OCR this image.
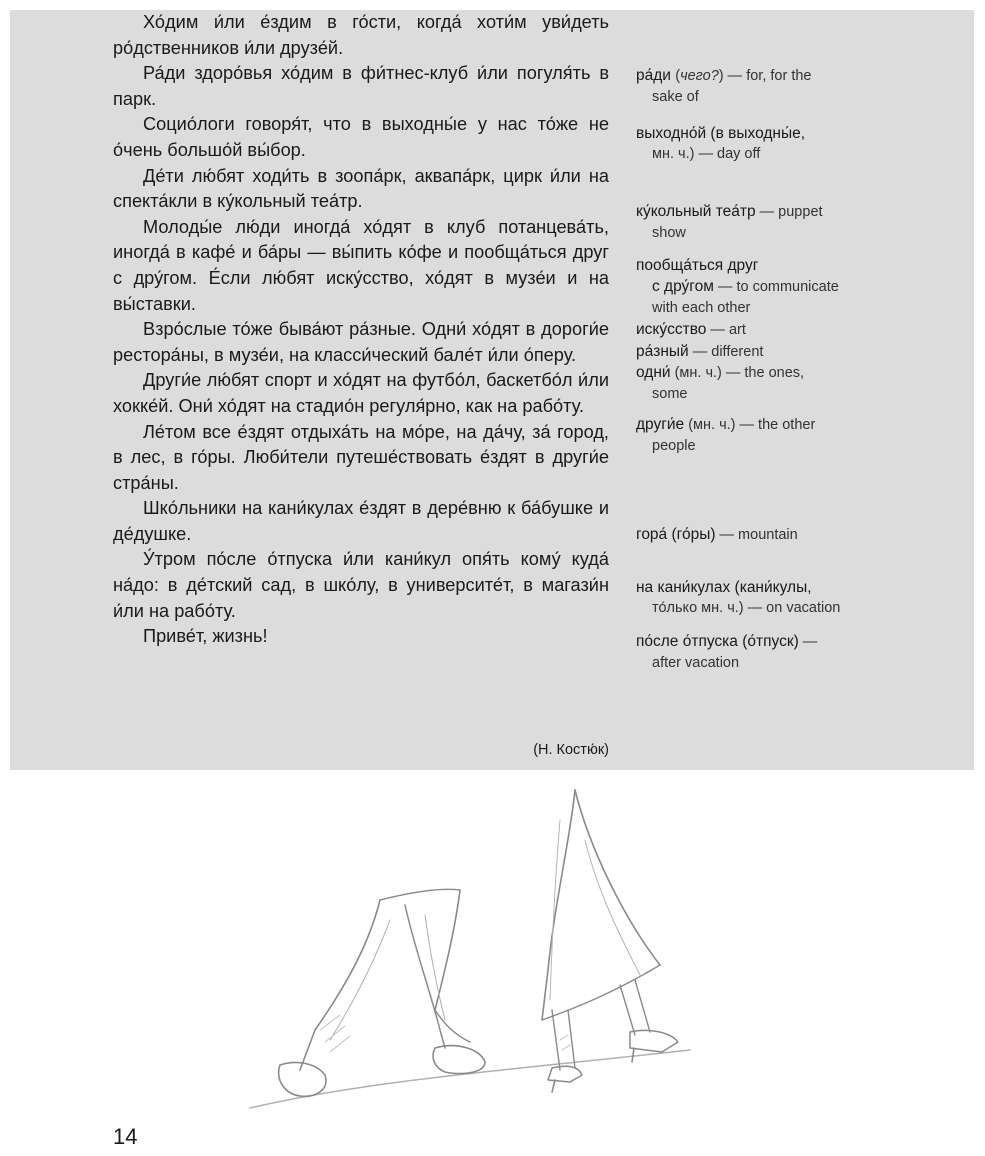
Хо́дим и́ли е́здим в го́сти, когда́ хоти́м уви́деть ро́дственников и́ли друзе́й.

Ра́ди здоро́вья хо́дим в фи́тнес-клуб и́ли погуля́ть в парк.

Социо́логи говоря́т, что в выходны́е у нас то́же не о́чень большо́й вы́бор.

Де́ти лю́бят ходи́ть в зоопа́рк, аквапа́рк, цирк и́ли на спекта́кли в ку́кольный теа́тр.

Молоды́е лю́ди иногда́ хо́дят в клуб потанцева́ть, иногда́ в кафе́ и ба́ры — вы́пить ко́фе и пообща́ться друг с дру́гом. Е́сли лю́бят иску́сство, хо́дят в музе́и и на вы́ставки.

Взро́слые то́же быва́ют ра́зные. Одни́ хо́дят в дороги́е рестора́ны, в музе́и, на класси́ческий бале́т и́ли о́перу.

Други́е лю́бят спорт и хо́дят на футбо́л, баскетбо́л и́ли хокке́й. Они́ хо́дят на стадио́н регуля́рно, как на рабо́ту.

Ле́том все е́здят отдыха́ть на мо́ре, на да́чу, за́ город, в лес, в го́ры. Люби́тели путеше́ствовать е́здят в други́е стра́ны.

Шко́льники на кани́кулах е́здят в дере́вню к ба́бушке и де́душке.

У́тром по́сле о́тпуска и́ли кани́кул опя́ть кому́ куда́ на́до: в де́тский сад, в шко́лу, в университе́т, в магази́н и́ли на рабо́ту.

Приве́т, жизнь!

(Н. Костю́к)
ра́ди (чего?) — for, for the
sake of
выходно́й (в выходны́е,
мн. ч.) — day off
ку́кольный теа́тр — puppet
show
пообща́ться друг
с дру́гом — to communicate
with each other
иску́сство — art
ра́зный — different
одни́ (мн. ч.) — the ones,
some
други́е (мн. ч.) — the other
people
гора́ (го́ры) — mountain
на кани́кулах (кани́кулы,
то́лько мн. ч.) — on vacation
по́сле о́тпуска (о́тпуск) —
after vacation
14
